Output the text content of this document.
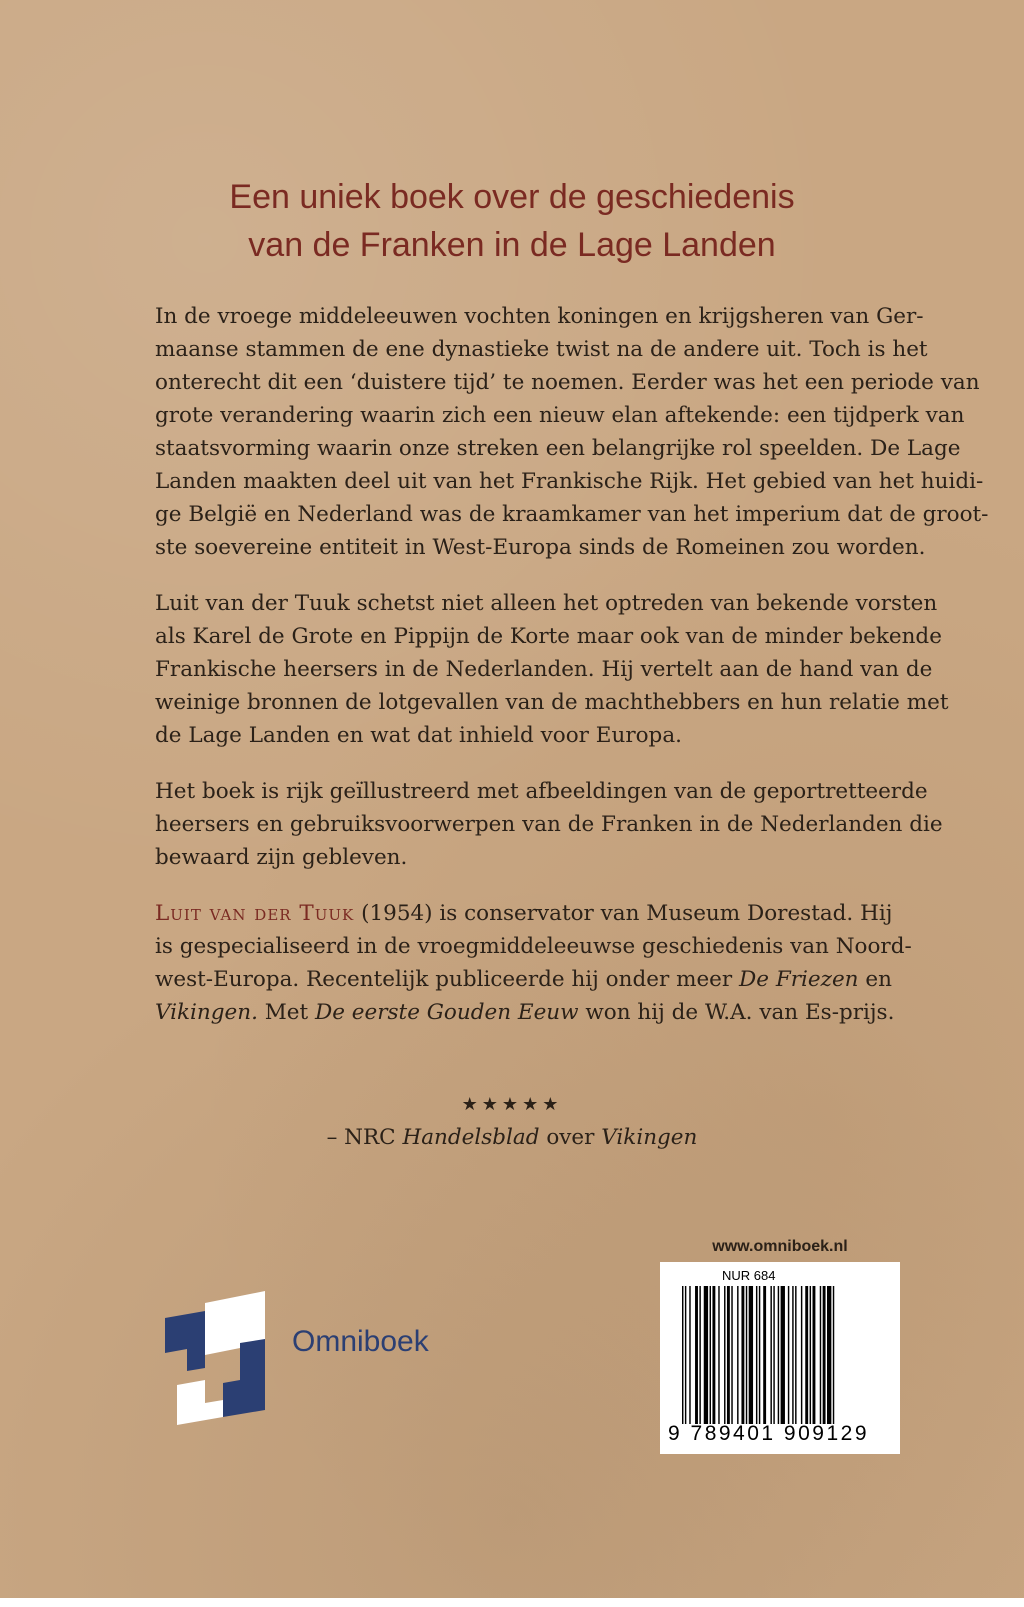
Een uniek boek over de geschiedenis
van de Franken in de Lage Landen

In de vroege middeleeuwen vochten koningen en krijgsheren van Ger-
maanse stammen de ene dynastieke twist na de andere uit. Toch is het
onterecht dit een ‘duistere tijd’ te noemen. Eerder was het een periode van
grote verandering waarin zich een nieuw elan aftekende: een tijdperk van
staatsvorming waarin onze streken een belangrijke rol speelden. De Lage
Landen maakten deel uit van het Frankische Rijk. Het gebied van het huidi-
ge België en Nederland was de kraamkamer van het imperium dat de groot-
ste soevereine entiteit in West-Europa sinds de Romeinen zou worden.

Luit van der Tuuk schetst niet alleen het optreden van bekende vorsten
als Karel de Grote en Pippijn de Korte maar ook van de minder bekende
Frankische heersers in de Nederlanden. Hij vertelt aan de hand van de
weinige bronnen de lotgevallen van de machthebbers en hun relatie met
de Lage Landen en wat dat inhield voor Europa.

Het boek is rijk geïllustreerd met afbeeldingen van de geportretteerde
heersers en gebruiksvoorwerpen van de Franken in de Nederlanden die
bewaard zijn gebleven.

Luit van der Tuuk (1954) is conservator van Museum Dorestad. Hij
is gespecialiseerd in de vroegmiddeleeuwse geschiedenis van Noord-
west-Europa. Recentelijk publiceerde hij onder meer De Friezen en
Vikingen. Met De eerste Gouden Eeuw won hij de W.A. van Es-prijs.

★★★★★
– NRC Handelsblad over Vikingen
Omniboek
www.omniboek.nl
NUR 684
9 789401 909129
